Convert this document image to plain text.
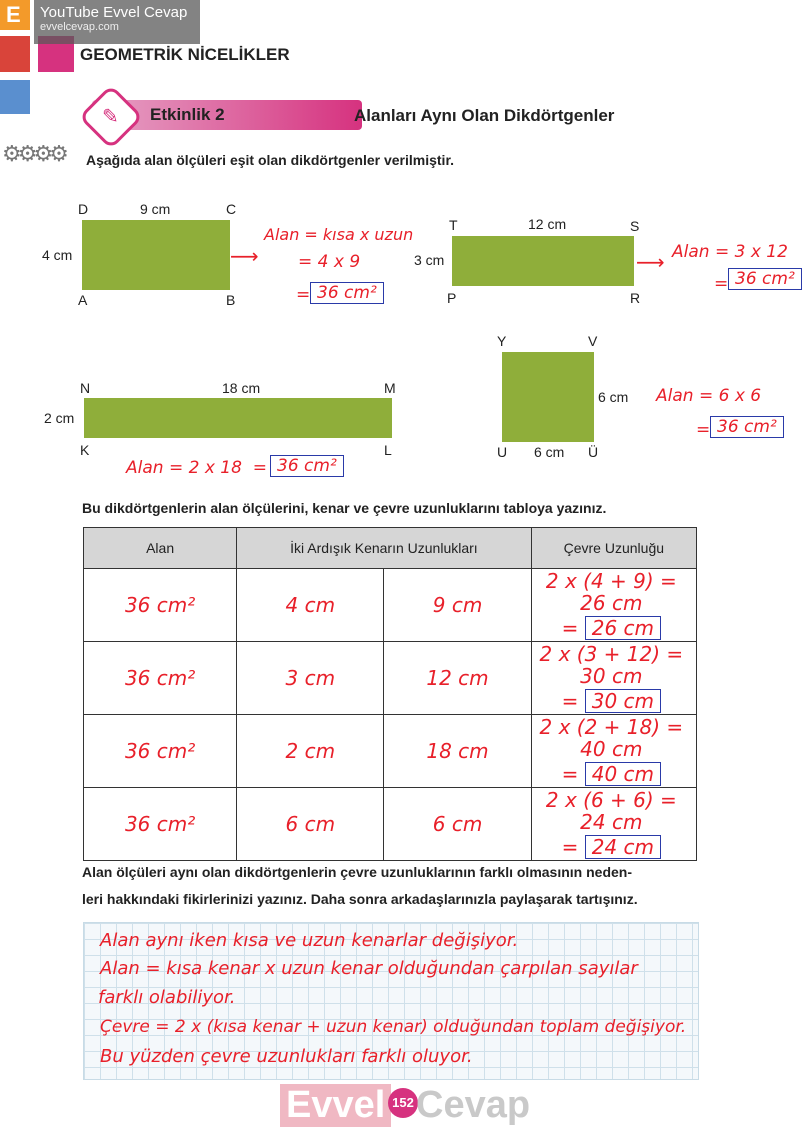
E	YouTube Evvel Cevap
evvelcevap.com
GEOMETRİK NİCELİKLER
✎ Etkinlik 2	Alanları Aynı Olan Dikdörtgenler
⚙⚙⚙⚙ Aşağıda alan ölçüleri eşit olan dikdörtgenler verilmiştir.
D	C
A	B
9 cm
4 cm	⟶
Alan = kısa x uzun
= 4 x 9
= 36 cm²
T	S
P	R
12 cm
3 cm	⟶ Alan = 3 x 12
= 36 cm²
N	M
K	L
18 cm
2 cm
Alan = 2 x 18  = 36 cm²
Y	V
U	Ü
6 cm
6 cm Alan = 6 x 6
= 36 cm²
Bu dikdörtgenlerin alan ölçülerini, kenar ve çevre uzunluklarını tabloya yazınız.
Alan	İki Ardışık Kenarın Uzunlukları		Çevre Uzunluğu
36 cm²	4 cm	9 cm	2 x (4 + 9) = 26 cm
= 26 cm

36 cm²	3 cm	12 cm	2 x (3 + 12) = 30 cm
= 30 cm

36 cm²	2 cm	18 cm	2 x (2 + 18) = 40 cm
= 40 cm

36 cm²	6 cm	6 cm	2 x (6 + 6) = 24 cm
= 24 cm
Alan ölçüleri aynı olan dikdörtgenlerin çevre uzunluklarının farklı olmasının neden-
leri hakkındaki fikirlerinizi yazınız. Daha sonra arkadaşlarınızla paylaşarak tartışınız.
Alan aynı iken kısa ve uzun kenarlar değişiyor.
Alan = kısa kenar x uzun kenar olduğundan çarpılan sayılar
farklı olabiliyor.
Çevre = 2 x (kısa kenar + uzun kenar) olduğundan toplam değişiyor.
Bu yüzden çevre uzunlukları farklı oluyor.
Evvel 152 Cevap
